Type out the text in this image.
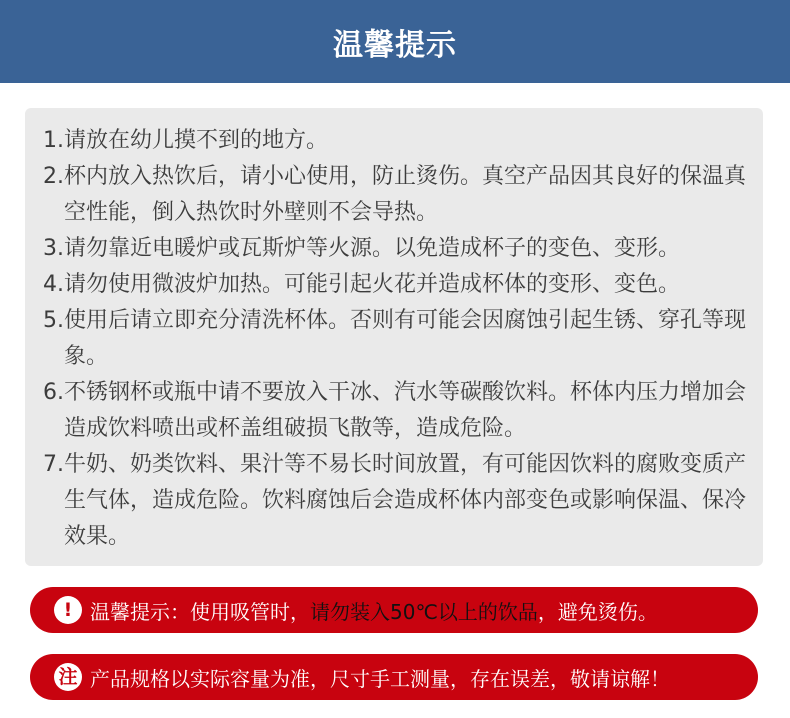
温馨提示
1. 请放在幼儿摸不到的地方。
2. 杯内放入热饮后，请小心使用，防止烫伤。真空产品因其良好的保温真空性能，倒入热饮时外壁则不会导热。
3. 请勿靠近电暖炉或瓦斯炉等火源。以免造成杯子的变色、变形。
4. 请勿使用微波炉加热。可能引起火花并造成杯体的变形、变色。
5. 使用后请立即充分清洗杯体。否则有可能会因腐蚀引起生锈、穿孔等现象。
6. 不锈钢杯或瓶中请不要放入干冰、汽水等碳酸饮料。杯体内压力增加会造成饮料喷出或杯盖组破损飞散等，造成危险。
7. 牛奶、奶类饮料、果汁等不易长时间放置，有可能因饮料的腐败变质产生气体，造成危险。饮料腐蚀后会造成杯体内部变色或影响保温、保冷效果。
! 温馨提示：使用吸管时，请勿装入50℃以上的饮品，避免烫伤。
注 产品规格以实际容量为准，尺寸手工测量，存在误差，敬请谅解！
